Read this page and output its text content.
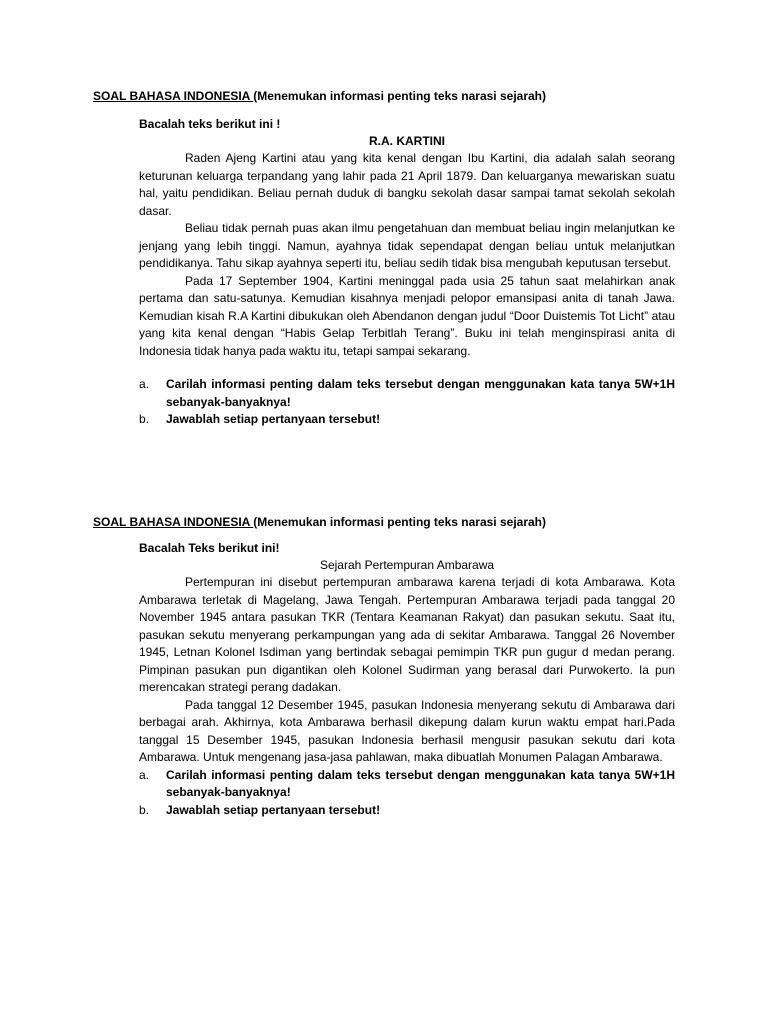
SOAL BAHASA INDONESIA (Menemukan informasi penting teks narasi sejarah)
Bacalah teks berikut ini !
R.A. KARTINI

Raden Ajeng Kartini atau yang kita kenal dengan Ibu Kartini, dia adalah salah seorang keturunan keluarga terpandang yang lahir pada 21 April 1879. Dan keluarganya mewariskan suatu hal, yaitu pendidikan. Beliau pernah duduk di bangku sekolah dasar sampai tamat sekolah sekolah dasar.

Beliau tidak pernah puas akan ilmu pengetahuan dan membuat beliau ingin melanjutkan ke jenjang yang lebih tinggi. Namun, ayahnya tidak sependapat dengan beliau untuk melanjutkan pendidikanya. Tahu sikap ayahnya seperti itu, beliau sedih tidak bisa mengubah keputusan tersebut.

Pada 17 September 1904, Kartini meninggal pada usia 25 tahun saat melahirkan anak pertama dan satu-satunya. Kemudian kisahnya menjadi pelopor emansipasi anita di tanah Jawa. Kemudian kisah R.A Kartini dibukukan oleh Abendanon dengan judul “Door Duistemis Tot Licht” atau yang kita kenal dengan “Habis Gelap Terbitlah Terang”. Buku ini telah menginspirasi anita di Indonesia tidak hanya pada waktu itu, tetapi sampai sekarang.

a.	Carilah informasi penting dalam teks tersebut dengan menggunakan kata tanya 5W+1H sebanyak-banyaknya!
b.	Jawablah setiap pertanyaan tersebut!
SOAL BAHASA INDONESIA (Menemukan informasi penting teks narasi sejarah)
Bacalah Teks berikut ini!
Sejarah Pertempuran Ambarawa

Pertempuran ini disebut pertempuran ambarawa karena terjadi di kota Ambarawa. Kota Ambarawa terletak di Magelang, Jawa Tengah. Pertempuran Ambarawa terjadi pada tanggal 20 November 1945 antara pasukan TKR (Tentara Keamanan Rakyat) dan pasukan sekutu. Saat itu, pasukan sekutu menyerang perkampungan yang ada di sekitar Ambarawa. Tanggal 26 November 1945, Letnan Kolonel Isdiman yang bertindak sebagai pemimpin TKR pun gugur d medan perang. Pimpinan pasukan pun digantikan oleh Kolonel Sudirman yang berasal dari Purwokerto. Ia pun merencakan strategi perang dadakan.

Pada tanggal 12 Desember 1945, pasukan Indonesia menyerang sekutu di Ambarawa dari berbagai arah. Akhirnya, kota Ambarawa berhasil dikepung dalam kurun waktu empat hari.Pada tanggal 15 Desember 1945, pasukan Indonesia berhasil mengusir pasukan sekutu dari kota Ambarawa. Untuk mengenang jasa-jasa pahlawan, maka dibuatlah Monumen Palagan Ambarawa.

a.	Carilah informasi penting dalam teks tersebut dengan menggunakan kata tanya 5W+1H sebanyak-banyaknya!
b.	Jawablah setiap pertanyaan tersebut!
